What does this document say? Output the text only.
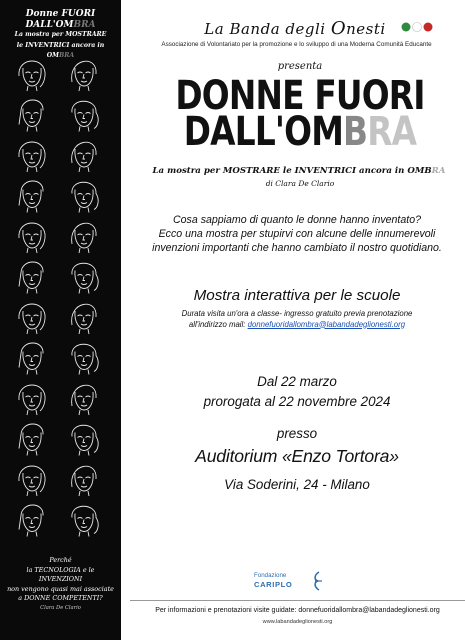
Donne FUORI DALL'OMBRA
La mostra per MOSTRARE
le INVENTRICI ancora in OMBRA
Perché
la TECNOLOGIA e le INVENZIONI
non vengono quasi mai associate
a DONNE COMPETENTI?
Clara De Clario
La Banda degli Onesti
Associazione di Volontariato per la promozione e lo sviluppo di una Moderna Comunità Educante
presenta
DONNE FUORI
DALL'OMBRA
La mostra per MOSTRARE le INVENTRICI ancora in OMBRA
di Clara De Clario
Cosa sappiamo di quanto le donne hanno inventato?
Ecco una mostra per stupirvi con alcune delle innumerevoli
invenzioni importanti che hanno cambiato il nostro quotidiano.
Mostra interattiva per le scuole
Durata visita un'ora a classe- ingresso gratuito previa prenotazione
all'indirizzo mail: donnefuoridallombra@labandadeglionesti.org
Dal 22 marzo
prorogata al 22 novembre 2024
presso
Auditorium «Enzo Tortora»
Via Soderini, 24 - Milano
Fondazione
CARIPLO
Per informazioni e prenotazioni visite guidate: donnefuoridallombra@labandadeglionesti.org
www.labandadeglionesti.org
